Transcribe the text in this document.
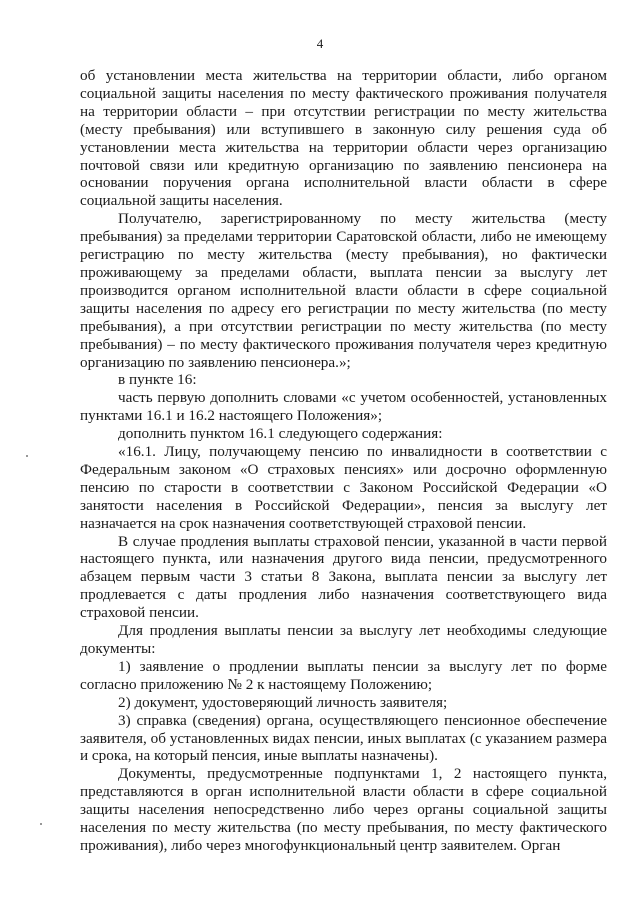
4

об установлении места жительства на территории области, либо органом социальной защиты населения по месту фактического проживания получателя на территории области – при отсутствии регистрации по месту жительства (месту пребывания) или вступившего в законную силу решения суда об установлении места жительства на территории области через организацию почтовой связи или кредитную организацию по заявлению пенсионера на основании поручения органа исполнительной власти области в сфере социальной защиты населения.

Получателю, зарегистрированному по месту жительства (месту пребывания) за пределами территории Саратовской области, либо не имеющему регистрацию по месту жительства (месту пребывания), но фактически проживающему за пределами области, выплата пенсии за выслугу лет производится органом исполнительной власти области в сфере социальной защиты населения по адресу его регистрации по месту жительства (по месту пребывания), а при отсутствии регистрации по месту жительства (по месту пребывания) – по месту фактического проживания получателя через кредитную организацию по заявлению пенсионера.»;

в пункте 16:

часть первую дополнить словами «с учетом особенностей, установленных пунктами 16.1 и 16.2 настоящего Положения»;

дополнить пунктом 16.1 следующего содержания:

«16.1. Лицу, получающему пенсию по инвалидности в соответствии с Федеральным законом «О страховых пенсиях» или досрочно оформленную пенсию по старости в соответствии с Законом Российской Федерации «О занятости населения в Российской Федерации», пенсия за выслугу лет назначается на срок назначения соответствующей страховой пенсии.

В случае продления выплаты страховой пенсии, указанной в части первой настоящего пункта, или назначения другого вида пенсии, предусмотренного абзацем первым части 3 статьи 8 Закона, выплата пенсии за выслугу лет продлевается с даты продления либо назначения соответствующего вида страховой пенсии.

Для продления выплаты пенсии за выслугу лет необходимы следующие документы:

1) заявление о продлении выплаты пенсии за выслугу лет по форме согласно приложению № 2 к настоящему Положению;

2) документ, удостоверяющий личность заявителя;

3) справка (сведения) органа, осуществляющего пенсионное обеспечение заявителя, об установленных видах пенсии, иных выплатах (с указанием размера и срока, на который пенсия, иные выплаты назначены).

Документы, предусмотренные подпунктами 1, 2 настоящего пункта, представляются в орган исполнительной власти области в сфере социальной защиты населения непосредственно либо через органы социальной защиты населения по месту жительства (по месту пребывания, по месту фактического проживания), либо через многофункциональный центр заявителем. Орган
